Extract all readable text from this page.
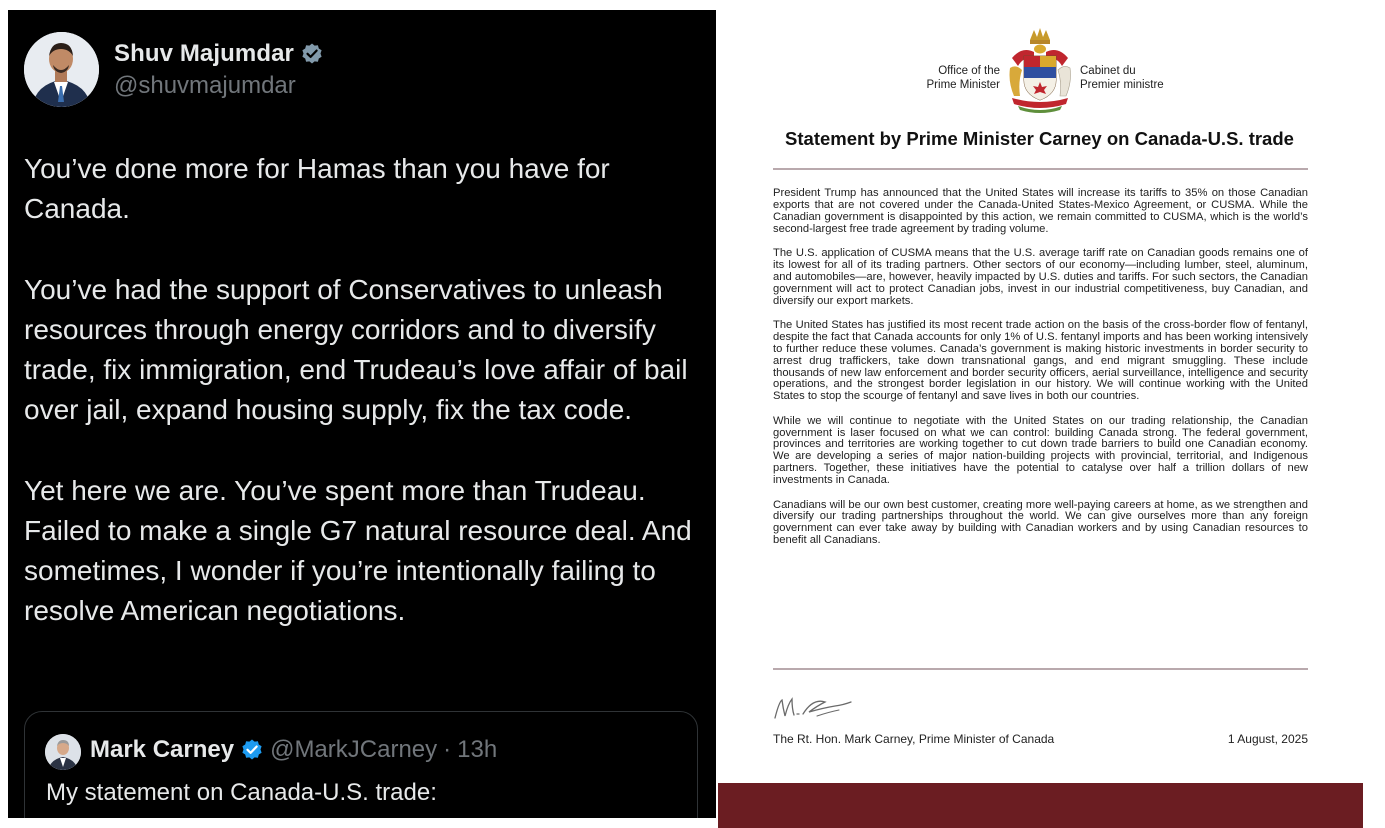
Shuv Majumdar
@shuvmajumdar

You’ve done more for Hamas than you have for Canada.

You’ve had the support of Conservatives to unleash resources through energy corridors and to diversify trade, fix immigration, end Trudeau’s love affair of bail over jail, expand housing supply, fix the tax code.

Yet here we are. You’ve spent more than Trudeau. Failed to make a single G7 natural resource deal. And sometimes, I wonder if you’re intentionally failing to resolve American negotiations.

Mark Carney @MarkJCarney · 13h
My statement on Canada-U.S. trade:
Office of the
Prime Minister
Cabinet du
Premier ministre
Statement by Prime Minister Carney on Canada-U.S. trade

President Trump has announced that the United States will increase its tariffs to 35% on those Canadian exports that are not covered under the Canada-United States-Mexico Agreement, or CUSMA. While the Canadian government is disappointed by this action, we remain committed to CUSMA, which is the world’s second-largest free trade agreement by trading volume.

The U.S. application of CUSMA means that the U.S. average tariff rate on Canadian goods remains one of its lowest for all of its trading partners. Other sectors of our economy—including lumber, steel, aluminum, and automobiles—are, however, heavily impacted by U.S. duties and tariffs. For such sectors, the Canadian government will act to protect Canadian jobs, invest in our industrial competitiveness, buy Canadian, and diversify our export markets.

The United States has justified its most recent trade action on the basis of the cross-border flow of fentanyl, despite the fact that Canada accounts for only 1% of U.S. fentanyl imports and has been working intensively to further reduce these volumes. Canada’s government is making historic investments in border security to arrest drug traffickers, take down transnational gangs, and end migrant smuggling. These include thousands of new law enforcement and border security officers, aerial surveillance, intelligence and security operations, and the strongest border legislation in our history. We will continue working with the United States to stop the scourge of fentanyl and save lives in both our countries.

While we will continue to negotiate with the United States on our trading relationship, the Canadian government is laser focused on what we can control: building Canada strong. The federal government, provinces and territories are working together to cut down trade barriers to build one Canadian economy. We are developing a series of major nation-building projects with provincial, territorial, and Indigenous partners. Together, these initiatives have the potential to catalyse over half a trillion dollars of new investments in Canada.

Canadians will be our own best customer, creating more well-paying careers at home, as we strengthen and diversify our trading partnerships throughout the world. We can give ourselves more than any foreign government can ever take away by building with Canadian workers and by using Canadian resources to benefit all Canadians.

The Rt. Hon. Mark Carney, Prime Minister of Canada	1 August, 2025
